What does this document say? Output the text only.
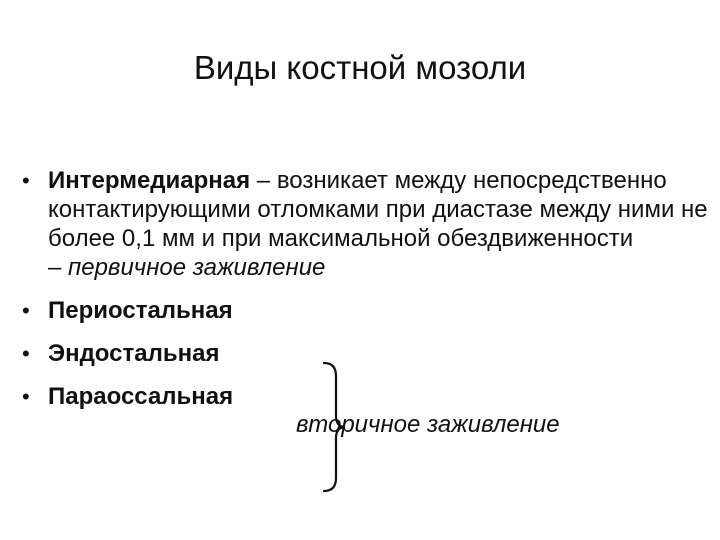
Виды костной мозоли
• Интермедиарная – возникает между непосредственно контактирующими отломками при диастазе между ними не более 0,1 мм и при максимальной обездвиженности
– первичное заживление
• Периостальная
• Эндостальная
• Параоссальная
вторичное заживление
